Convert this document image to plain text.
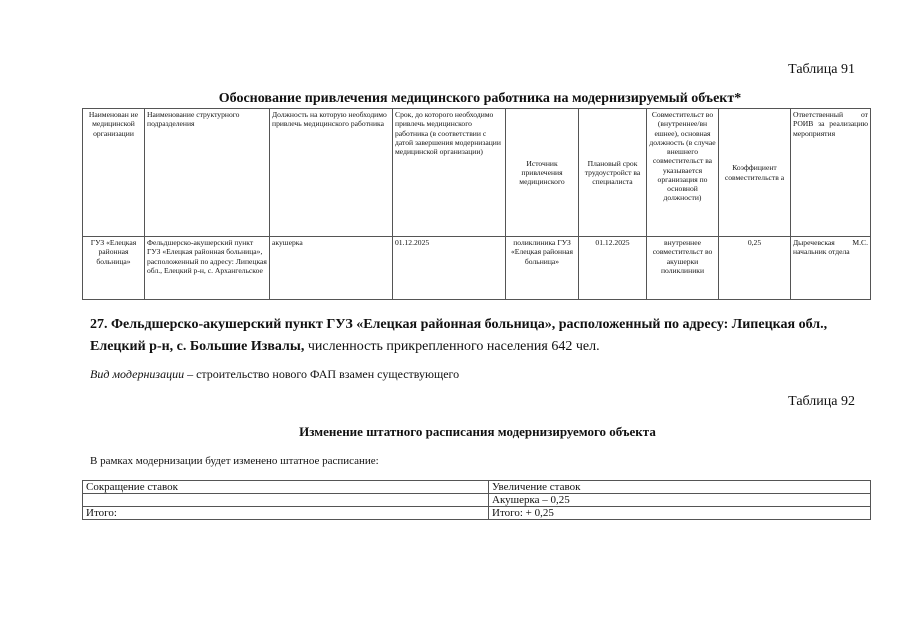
Таблица 91
Обоснование привлечения медицинского работника на модернизируемый объект*
Наименован ие медицинской организации	Наименование структурного подразделения	Должность на которую необходимо привлечь медицинского работника	Срок, до которого необходимо привлечь медицинского работника (в соответствии с датой завершения модернизации медицинской организации)	Источник привлечения медицинского	Плановый срок трудоустройст ва специалиста	Совместительст во (внутреннее/вн ешнее), основная должность (в случае внешнего совместительст ва указывается организация по основной должности)	Коэффициент совместительств а	Ответственный от РОИВ за реализацию мероприятия
ГУЗ «Елецкая районная больница»	Фельдшерско-акушерский пункт ГУЗ «Елецкая районная больница», расположенный по адресу: Липецкая обл., Елецкий р-н, с. Архангельское	акушерка	01.12.2025	поликлиника ГУЗ «Елецкая районная больница»	01.12.2025	внутреннее совместительст во акушерки поликлиники	0,25	Дыречевская М.С. начальник отдела
27. Фельдшерско-акушерский пункт ГУЗ «Елецкая районная больница», расположенный по адресу: Липецкая обл., Елецкий р-н, с. Большие Извалы, численность прикрепленного населения 642 чел.
Вид модернизации – строительство нового ФАП взамен существующего
Таблица 92
Изменение штатного расписания модернизируемого объекта
В рамках модернизации будет изменено штатное расписание:
Сокращение ставок	Увеличение ставок
	Акушерка – 0,25
Итого:	Итого: + 0,25
